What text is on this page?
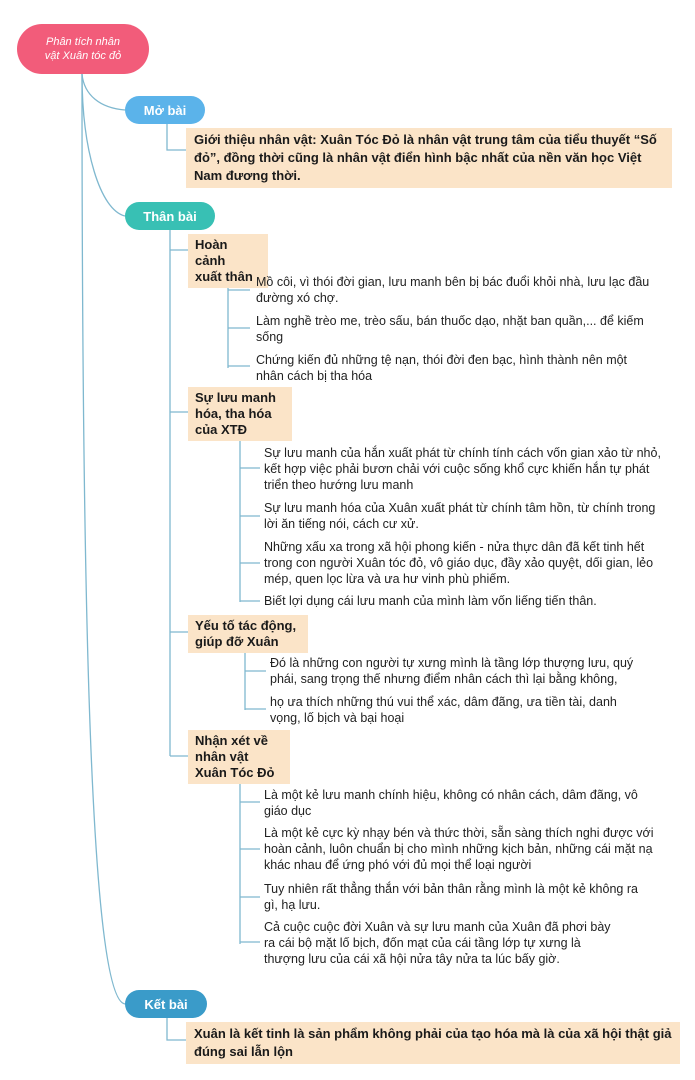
Phân tích nhân
vật Xuân tóc đỏ
Mở bài
Giới thiệu nhân vật: Xuân Tóc Đỏ là nhân vật trung tâm của tiểu thuyết “Số đỏ”, đồng thời cũng là nhân vật điển hình bậc nhất của nền văn học Việt Nam đương thời.
Thân bài
Hoàn cảnh
xuất thân Mồ côi, vì thói đời gian, lưu manh bên bị bác đuổi khỏi nhà, lưu lạc đầu đường xó chợ.
Làm nghề trèo me, trèo sấu, bán thuốc dạo, nhặt ban quần,... để kiếm sống
Chứng kiến đủ những tệ nạn, thói đời đen bạc, hình thành nên một nhân cách bị tha hóa
Sự lưu manh
hóa, tha hóa
của XTĐ
Sự lưu manh của hắn xuất phát từ chính tính cách vốn gian xảo từ nhỏ, kết hợp việc phải bươn chải với cuộc sống khổ cực khiến hắn tự phát triển theo hướng lưu manh
Sự lưu manh hóa của Xuân xuất phát từ chính tâm hồn, từ chính trong lời ăn tiếng nói, cách cư xử.
Những xấu xa trong xã hội phong kiến - nửa thực dân đã kết tinh hết trong con người Xuân tóc đỏ, vô giáo dục, đầy xảo quyệt, dối gian, lẻo mép, quen lọc lừa và ưa hư vinh phù phiếm.
Biết lợi dụng cái lưu manh của mình làm vốn liếng tiến thân.
Yếu tố tác động,
giúp đỡ Xuân
Đó là những con người tự xưng mình là tầng lớp thượng lưu, quý phái, sang trọng thế nhưng điểm nhân cách thì lại bằng không,
họ ưa thích những thú vui thể xác, dâm đãng, ưa tiền tài, danh vọng, lố bịch và bại hoại
Nhận xét về
nhân vật
Xuân Tóc Đỏ
Là một kẻ lưu manh chính hiệu, không có nhân cách, dâm đãng, vô giáo dục
Là một kẻ cực kỳ nhạy bén và thức thời, sẵn sàng thích nghi được với hoàn cảnh, luôn chuẩn bị cho mình những kịch bản, những cái mặt nạ khác nhau để ứng phó với đủ mọi thể loại người
Tuy nhiên rất thẳng thắn với bản thân rằng mình là một kẻ không ra gì, hạ lưu.
Cả cuộc cuộc đời Xuân và sự lưu manh của Xuân đã phơi bày ra cái bộ mặt lố bịch, đốn mạt của cái tầng lớp tự xưng là thượng lưu của cái xã hội nửa tây nửa ta lúc bấy giờ.
Kết bài
Xuân là kết tinh là sản phẩm không phải của tạo hóa mà là của xã hội thật giả đúng sai lẫn lộn
